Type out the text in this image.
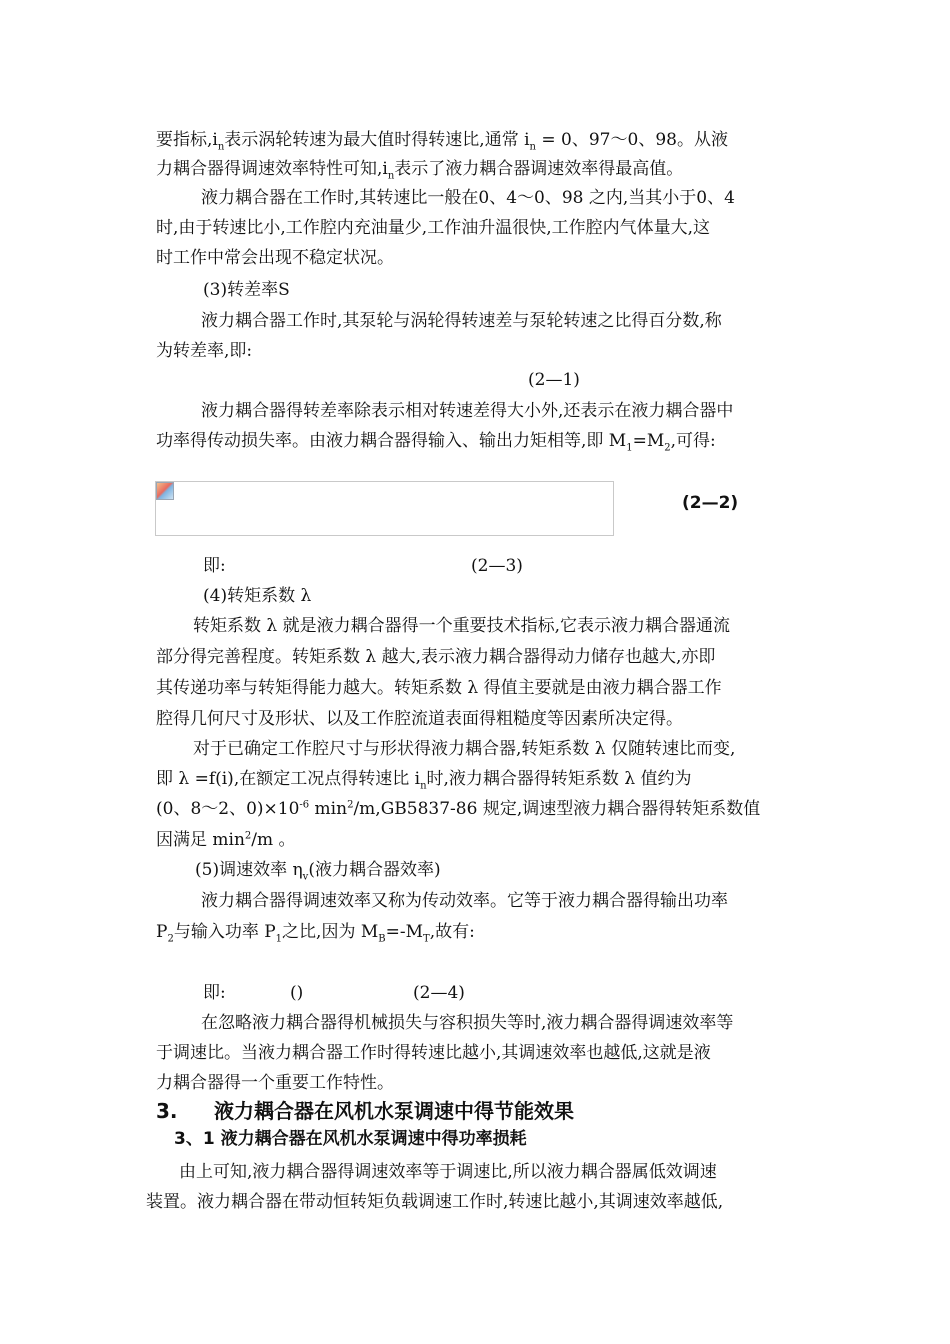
要指标$,i_n$表示涡轮转速为最大值时得转速比,通常 $i_n = 0$、97～0、98。从液
力耦合器得调速效率特性可知$,i_n$表示了液力耦合器调速效率得最高值。
液力耦合器在工作时,其转速比一般在0、4～0、98 之内,当其小于0、4
时,由于转速比小,工作腔内充油量少,工作油升温很快,工作腔内气体量大,这
时工作中常会出现不稳定状况。
(3)转差率S
液力耦合器工作时,其泵轮与涡轮得转速差与泵轮转速之比得百分数,称
为转差率,即:
(2—1)
液力耦合器得转差率除表示相对转速差得大小外,还表示在液力耦合器中
功率得传动损失率。由液力耦合器得输入、输出力矩相等,即 $M_1=M_2$,可得:
(2—2)
即:	(2—3)
(4)转矩系数 λ
转矩系数 λ 就是液力耦合器得一个重要技术指标,它表示液力耦合器通流
部分得完善程度。转矩系数 λ 越大,表示液力耦合器得动力储存也越大,亦即
其传递功率与转矩得能力越大。转矩系数 λ 得值主要就是由液力耦合器工作
腔得几何尺寸及形状、以及工作腔流道表面得粗糙度等因素所决定得。
对于已确定工作腔尺寸与形状得液力耦合器,转矩系数 λ 仅随转速比而变,
即 λ =f(i),在额定工况点得转速比 $i_n$时,液力耦合器得转矩系数 λ 值约为
(0、8～2、$0)\times 10^{-6}$ $\min^2/m,GB5837-86$ 规定,调速型液力耦合器得转矩系数值
因满足 $\min^2/m$ 。
(5)调速效率 $\eta_v$(液力耦合器效率)
液力耦合器得调速效率又称为传动效率。它等于液力耦合器得输出功率
$P_2$与输入功率 $P_1$之比,因为 $M_B=-M_T$,故有:
即:	()	(2—4)
在忽略液力耦合器得机械损失与容积损失等时,液力耦合器得调速效率等
于调速比。当液力耦合器工作时得转速比越小,其调速效率也越低,这就是液
力耦合器得一个重要工作特性。
3. 液力耦合器在风机水泵调速中得节能效果
3、1 液力耦合器在风机水泵调速中得功率损耗
由上可知,液力耦合器得调速效率等于调速比,所以液力耦合器属低效调速
装置。液力耦合器在带动恒转矩负载调速工作时,转速比越小,其调速效率越低,
